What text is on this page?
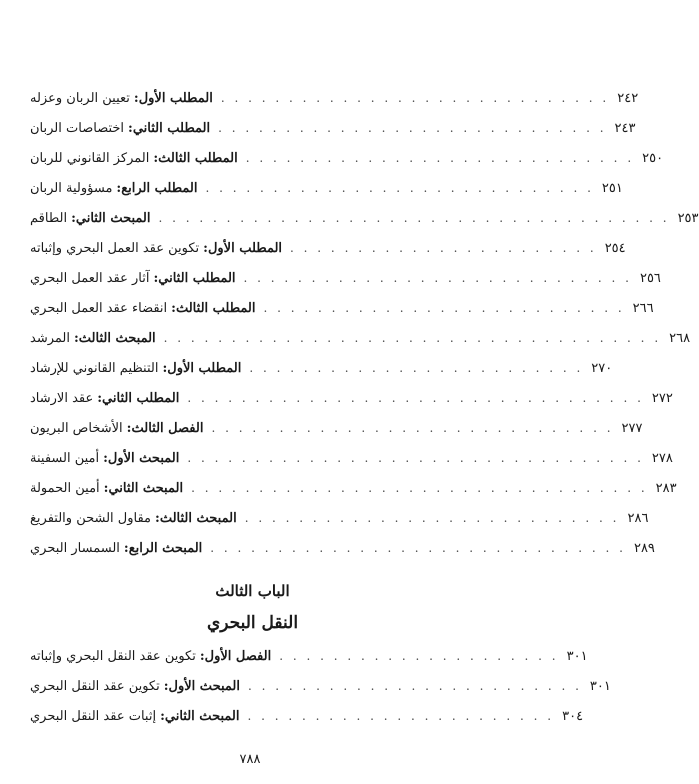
المطلب الأول:
تعيين الربان وعزله	. . . . . . . . . . . . . . . . . . . . . . . . . . . . . ٢٤٢
المطلب الثاني:
اختصاصات الربان	. . . . . . . . . . . . . . . . . . . . . . . . . . . . . ٢٤٣
المطلب الثالث:
المركز القانوني للربان	. . . . . . . . . . . . . . . . . . . . . . . . . . . . . ٢٥٠
المطلب الرابع:
مسؤولية الربان	. . . . . . . . . . . . . . . . . . . . . . . . . . . . . ٢٥١
المبحث الثاني:
الطاقم	. . . . . . . . . . . . . . . . . . . . . . . . . . . . . . . . . . . . . . ٢٥٣
المطلب الأول:
تكوين عقد العمل البحري وإثباته	. . . . . . . . . . . . . . . . . . . . . . . ٢٥٤
المطلب الثاني:
آثار عقد العمل البحري	. . . . . . . . . . . . . . . . . . . . . . . . . . . . . ٢٥٦
المطلب الثالث:
انقضاء عقد العمل البحري	. . . . . . . . . . . . . . . . . . . . . . . . . . . ٢٦٦
المبحث الثالث:
المرشد	. . . . . . . . . . . . . . . . . . . . . . . . . . . . . . . . . . . . . ٢٦٨
المطلب الأول:
التنظيم القانوني للإرشاد	. . . . . . . . . . . . . . . . . . . . . . . . . ٢٧٠
المطلب الثاني:
عقد الارشاد	. . . . . . . . . . . . . . . . . . . . . . . . . . . . . . . . . . ٢٧٢
الفصل الثالث:
الأشخاص البريون	. . . . . . . . . . . . . . . . . . . . . . . . . . . . . . ٢٧٧
المبحث الأول:
أمين السفينة	. . . . . . . . . . . . . . . . . . . . . . . . . . . . . . . . . . ٢٧٨
المبحث الثاني:
أمين الحمولة	. . . . . . . . . . . . . . . . . . . . . . . . . . . . . . . . . . ٢٨٣
المبحث الثالث:
مقاول الشحن والتفريغ	. . . . . . . . . . . . . . . . . . . . . . . . . . . . ٢٨٦
المبحث الرابع:
السمسار البحري	. . . . . . . . . . . . . . . . . . . . . . . . . . . . . . . ٢٨٩
الباب الثالث
النقل البحري
الفصل الأول:
تكوين عقد النقل البحري وإثباته	. . . . . . . . . . . . . . . . . . . . . ٣٠١
المبحث الأول:
تكوين عقد النقل البحري	. . . . . . . . . . . . . . . . . . . . . . . . . ٣٠١
المبحث الثاني:
إثبات عقد النقل البحري	. . . . . . . . . . . . . . . . . . . . . . . ٣٠٤
٧٨٨
